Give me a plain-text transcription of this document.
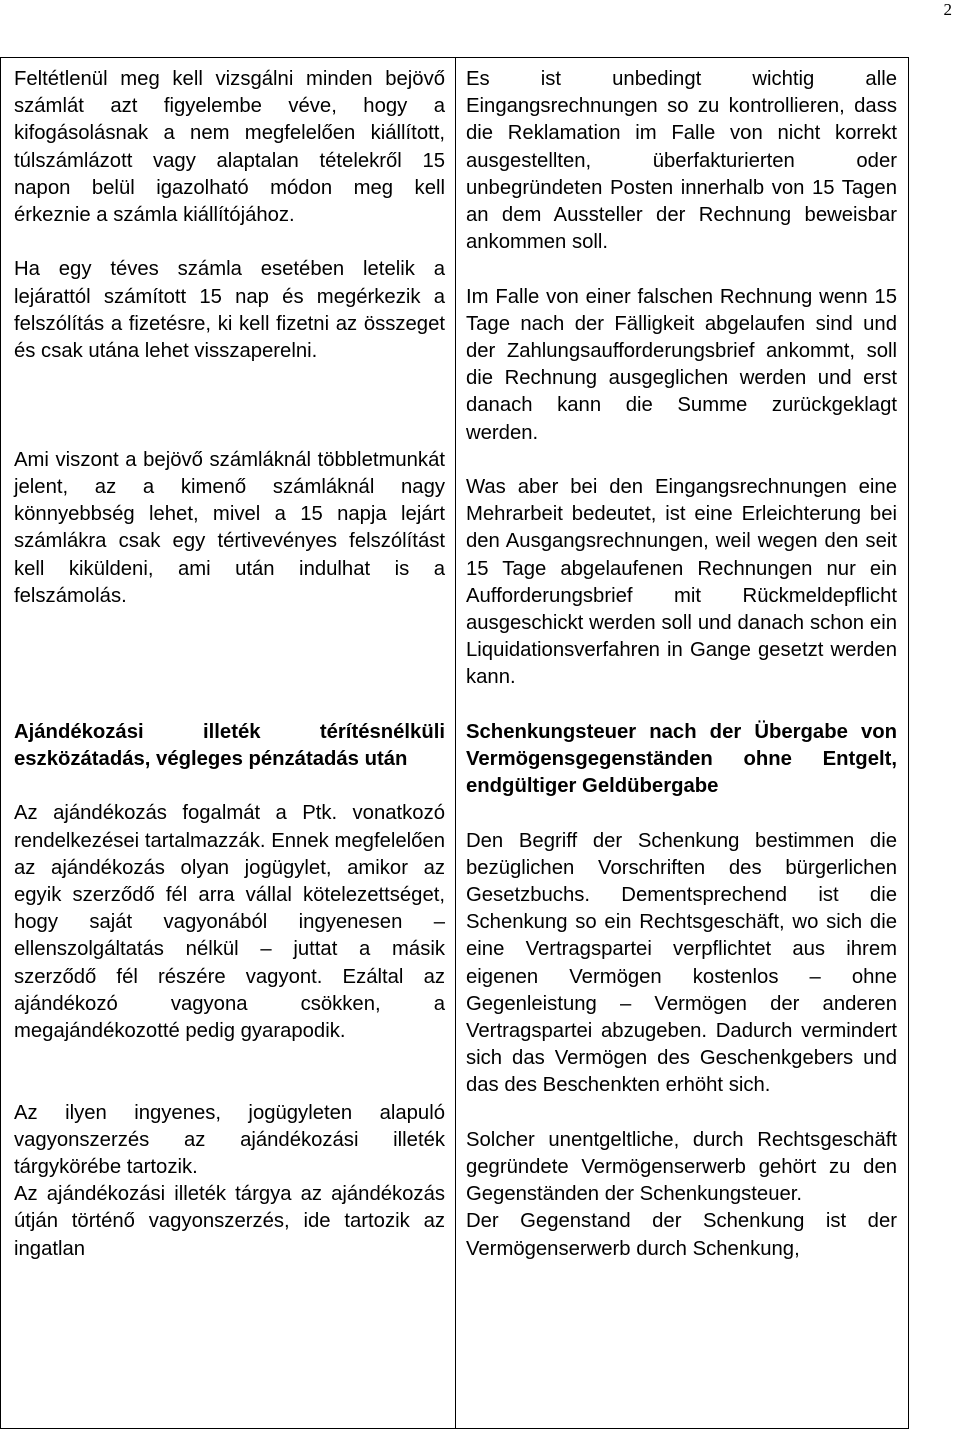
2

Feltétlenül meg kell vizsgálni minden bejövő számlát azt figyelembe véve, hogy a kifogásolásnak a nem megfelelően kiállított, túlszámlázott vagy alaptalan tételekről 15 napon belül igazolható módon meg kell érkeznie a számla kiállítójához.

Ha egy téves számla esetében letelik a lejárattól számított 15 nap és megérkezik a felszólítás a fizetésre, ki kell fizetni az összeget és csak utána lehet visszaperelni.

Ami viszont a bejövő számláknál többletmunkát jelent, az a kimenő számláknál nagy könnyebbség lehet, mivel a 15 napja lejárt számlákra csak egy tértivevényes felszólítást kell kiküldeni, ami után indulhat is a felszámolás.

Ajándékozási illeték térítésnélküli eszközátadás, végleges pénzátadás után

Az ajándékozás fogalmát a Ptk. vonatkozó rendelkezései tartalmazzák. Ennek megfelelően az ajándékozás olyan jogügylet, amikor az egyik szerződő fél arra vállal kötelezettséget, hogy saját vagyonából ingyenesen – ellenszolgáltatás nélkül – juttat a másik szerződő fél részére vagyont. Ezáltal az ajándékozó vagyona csökken, a megajándékozotté pedig gyarapodik.

Az ilyen ingyenes, jogügyleten alapuló vagyonszerzés az ajándékozási illeték tárgykörébe tartozik.

Az ajándékozási illeték tárgya az ajándékozás útján történő vagyonszerzés, ide tartozik az ingatlan

Es ist unbedingt wichtig alle Eingangsrechnungen so zu kontrollieren, dass die Reklamation im Falle von nicht korrekt ausgestellten, überfakturierten oder unbegründeten Posten innerhalb von 15 Tagen an dem Aussteller der Rechnung beweisbar ankommen soll.

Im Falle von einer falschen Rechnung wenn 15 Tage nach der Fälligkeit abgelaufen sind und der Zahlungsaufforderungsbrief ankommt, soll die Rechnung ausgeglichen werden und erst danach kann die Summe zurückgeklagt werden.

Was aber bei den Eingangsrechnungen eine Mehrarbeit bedeutet, ist eine Erleichterung bei den Ausgangsrechnungen, weil wegen den seit 15 Tage abgelaufenen Rechnungen nur ein Aufforderungsbrief mit Rückmeldepflicht ausgeschickt werden soll und danach schon ein Liquidationsverfahren in Gange gesetzt werden kann.

Schenkungsteuer nach der Übergabe von Vermögensgegenständen ohne Entgelt, endgültiger Geldübergabe

Den Begriff der Schenkung bestimmen die bezüglichen Vorschriften des bürgerlichen Gesetzbuchs. Dementsprechend ist die Schenkung so ein Rechtsgeschäft, wo sich die eine Vertragspartei verpflichtet aus ihrem eigenen Vermögen kostenlos – ohne Gegenleistung – Vermögen der anderen Vertragspartei abzugeben. Dadurch vermindert sich das Vermögen des Geschenkgebers und das des Beschenkten erhöht sich.

Solcher unentgeltliche, durch Rechtsgeschäft gegründete Vermögenserwerb gehört zu den Gegenständen der Schenkungsteuer.

Der Gegenstand der Schenkung ist der Vermögenserwerb durch Schenkung,
